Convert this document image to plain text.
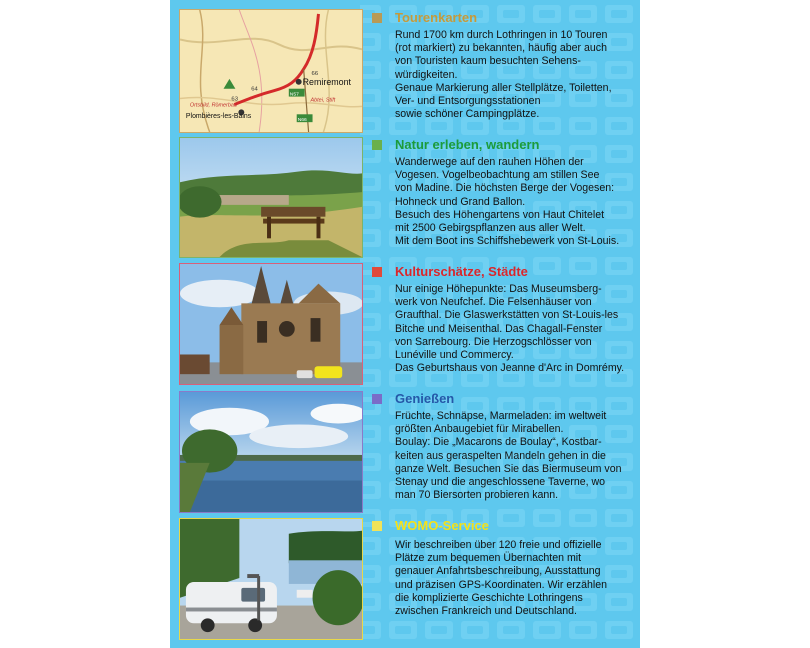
N57
N66
63
64
66
Remiremont
Plombières-les-Bains
Ortsbild, Römerbad
Abtei, Stift
Tourenkarten
Rund 1700 km durch Lothringen in 10 Touren
(rot markiert) zu bekannten, häufig aber auch
von Touristen kaum besuchten Sehens-
würdigkeiten.
Genaue Markierung aller Stellplätze, Toiletten,
Ver- und Entsorgungsstationen
sowie schöner Campingplätze.
Natur erleben, wandern
Wanderwege auf den rauhen Höhen der
Vogesen. Vogelbeobachtung am stillen See
von Madine. Die höchsten Berge der Vogesen:
Hohneck und Grand Ballon.
Besuch des Höhengartens von Haut Chitelet
mit 2500 Gebirgspflanzen aus aller Welt.
Mit dem Boot ins Schiffshebewerk von St-Louis.
Kulturschätze, Städte
Nur einige Höhepunkte: Das Museumsberg-
werk von Neufchef. Die Felsenhäuser von
Graufthal. Die Glaswerkstätten von St-Louis-les
Bitche und Meisenthal. Das Chagall-Fenster
von Sarrebourg. Die Herzogschlösser von
Lunéville und Commercy.
Das Geburtshaus von Jeanne d'Arc in Domrémy.
Genießen
Früchte, Schnäpse, Marmeladen: im weltweit
größten Anbaugebiet für Mirabellen.
Boulay: Die „Macarons de Boulay“, Kostbar-
keiten aus geraspelten Mandeln gehen in die
ganze Welt. Besuchen Sie das Biermuseum von
Stenay und die angeschlossene Taverne, wo
man 70 Biersorten probieren kann.
WOMO-Service
Wir beschreiben über 120 freie und offizielle
Plätze zum bequemen Übernachten mit
genauer Anfahrtsbeschreibung, Ausstattung
und präzisen GPS-Koordinaten. Wir erzählen
die komplizierte Geschichte Lothringens
zwischen Frankreich und Deutschland.
